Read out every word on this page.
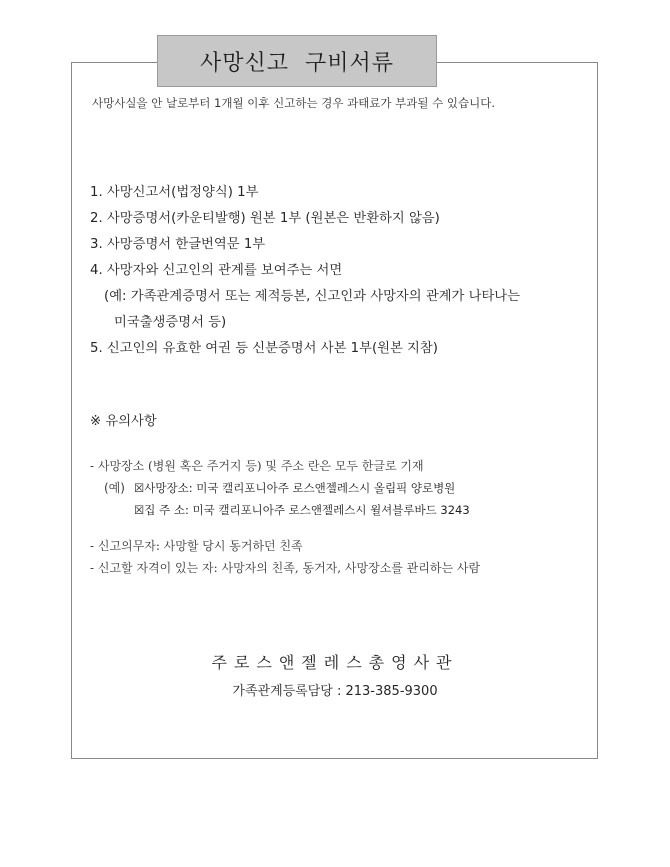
사망신고 구비서류
사망사실을 안 날로부터 1개월 이후 신고하는 경우 과태료가 부과될 수 있습니다.
1. 사망신고서(법정양식) 1부
2. 사망증명서(카운티발행) 원본 1부 (원본은 반환하지 않음)
3. 사망증명서 한글번역문 1부
4. 사망자와 신고인의 관계를 보여주는 서면
(예: 가족관계증명서 또는 제적등본, 신고인과 사망자의 관계가 나타나는
미국출생증명서 등)
5. 신고인의 유효한 여권 등 신분증명서 사본 1부(원본 지참)
※ 유의사항
- 사망장소 (병원 혹은 주거지 등) 및 주소 란은 모두 한글로 기재
(예) ☒사망장소: 미국 캘리포니아주 로스앤젤레스시 올림픽 양로병원
☒집 주 소: 미국 캘리포니아주 로스앤젤레스시 윌셔블루바드 3243
- 신고의무자: 사망할 당시 동거하던 친족
- 신고할 자격이 있는 자: 사망자의 친족, 동거자, 사망장소를 관리하는 사람
주로스앤젤레스총영사관
가족관계등록담당 : 213-385-9300
